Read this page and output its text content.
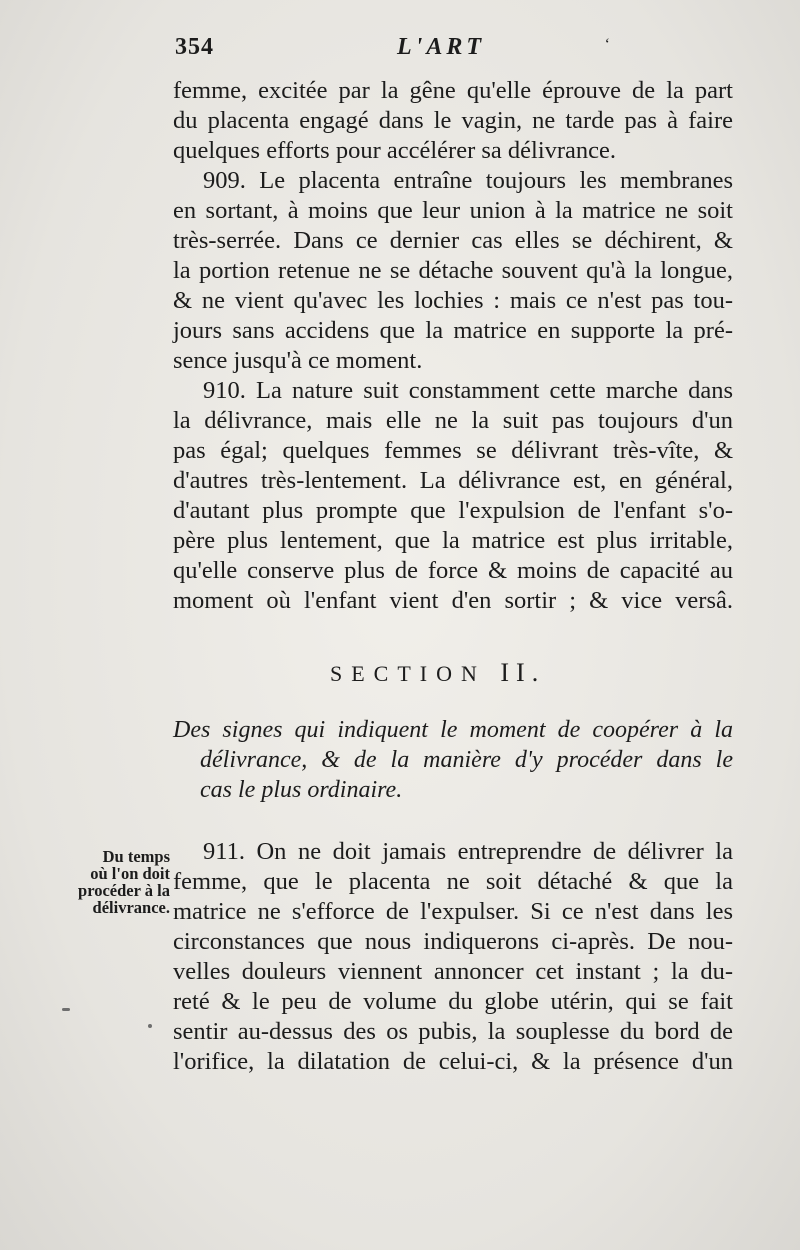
354	L'ART	‘
femme, excitée par la gêne qu'elle éprouve de la part
du placenta engagé dans le vagin, ne tarde pas à faire
quelques efforts pour accélérer sa délivrance.
909. Le placenta entraîne toujours les membranes
en sortant, à moins que leur union à la matrice ne soit
très-serrée. Dans ce dernier cas elles se déchirent, &
la portion retenue ne se détache souvent qu'à la longue,
& ne vient qu'avec les lochies : mais ce n'est pas tou-
jours sans accidens que la matrice en supporte la pré-
sence jusqu'à ce moment.
910. La nature suit constamment cette marche dans
la délivrance, mais elle ne la suit pas toujours d'un
pas égal; quelques femmes se délivrant très-vîte, &
d'autres très-lentement. La délivrance est, en général,
d'autant plus prompte que l'expulsion de l'enfant s'o-
père plus lentement, que la matrice est plus irritable,
qu'elle conserve plus de force & moins de capacité au
moment où l'enfant vient d'en sortir ; & vice versâ.
SECTION II.
Des signes qui indiquent le moment de coopérer à la
délivrance, & de la manière d'y procéder dans le
cas le plus ordinaire.
Du temps
où l'on doit
procéder à la
délivrance.
911. On ne doit jamais entreprendre de délivrer la
femme, que le placenta ne soit détaché & que la
matrice ne s'efforce de l'expulser. Si ce n'est dans les
circonstances que nous indiquerons ci-après. De nou-
velles douleurs viennent annoncer cet instant ; la du-
reté & le peu de volume du globe utérin, qui se fait
sentir au-dessus des os pubis, la souplesse du bord de
l'orifice, la dilatation de celui-ci, & la présence d'un
